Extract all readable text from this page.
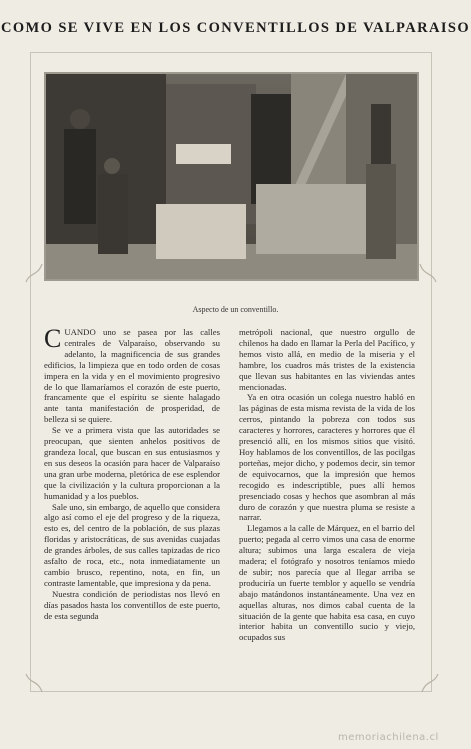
COMO SE VIVE EN LOS CONVENTILLOS DE VALPARAISO
Aspecto de un conventillo.

CUANDO uno se pasea por las calles centrales de Valparaíso, observando su adelanto, la magnificencia de sus grandes edificios, la limpieza que en todo orden de cosas impera en la vida y en el movimiento progresivo de lo que llamaríamos el corazón de este puerto, francamente que el espíritu se siente halagado ante tanta manifestación de prosperidad, de belleza si se quiere.

Se ve a primera vista que las autoridades se preocupan, que sienten anhelos positivos de grandeza local, que buscan en sus entusiasmos y en sus deseos la ocasión para hacer de Valparaíso una gran urbe moderna, pletórica de ese esplendor que la civilización y la cultura proporcionan a la humanidad y a los pueblos.

Sale uno, sin embargo, de aquello que considera algo así como el eje del progreso y de la riqueza, esto es, del centro de la población, de sus plazas floridas y aristocráticas, de sus avenidas cuajadas de grandes árboles, de sus calles tapizadas de rico asfalto de roca, etc., nota inmediatamente un cambio brusco, repentino, nota, en fin, un contraste lamentable, que impresiona y da pena.

Nuestra condición de periodistas nos llevó en días pasados hasta los conventillos de este puerto, de esta segunda

metrópoli nacional, que nuestro orgullo de chilenos ha dado en llamar la Perla del Pacífico, y hemos visto allá, en medio de la miseria y el hambre, los cuadros más tristes de la existencia que llevan sus habitantes en las viviendas antes mencionadas.

Ya en otra ocasión un colega nuestro habló en las páginas de esta misma revista de la vida de los cerros, pintando la pobreza con todos sus caracteres y horrores, caracteres y horrores que él presenció allí, en los mismos sitios que visitó. Hoy hablamos de los conventillos, de las pocilgas porteñas, mejor dicho, y podemos decir, sin temor de equivocarnos, que la impresión que hemos recogido es indescriptible, pues allí hemos presenciado cosas y hechos que asombran al más duro de corazón y que nuestra pluma se resiste a narrar.

Llegamos a la calle de Márquez, en el barrio del puerto; pegada al cerro vimos una casa de enorme altura; subimos una larga escalera de vieja madera; el fotógrafo y nosotros teníamos miedo de subir; nos parecía que al llegar arriba se produciría un fuerte temblor y aquello se vendría abajo matándonos instantáneamente. Una vez en aquellas alturas, nos dimos cabal cuenta de la situación de la gente que habita esa casa, en cuyo interior habita un conventillo sucio y viejo, ocupados sus

memoriachilena.cl
